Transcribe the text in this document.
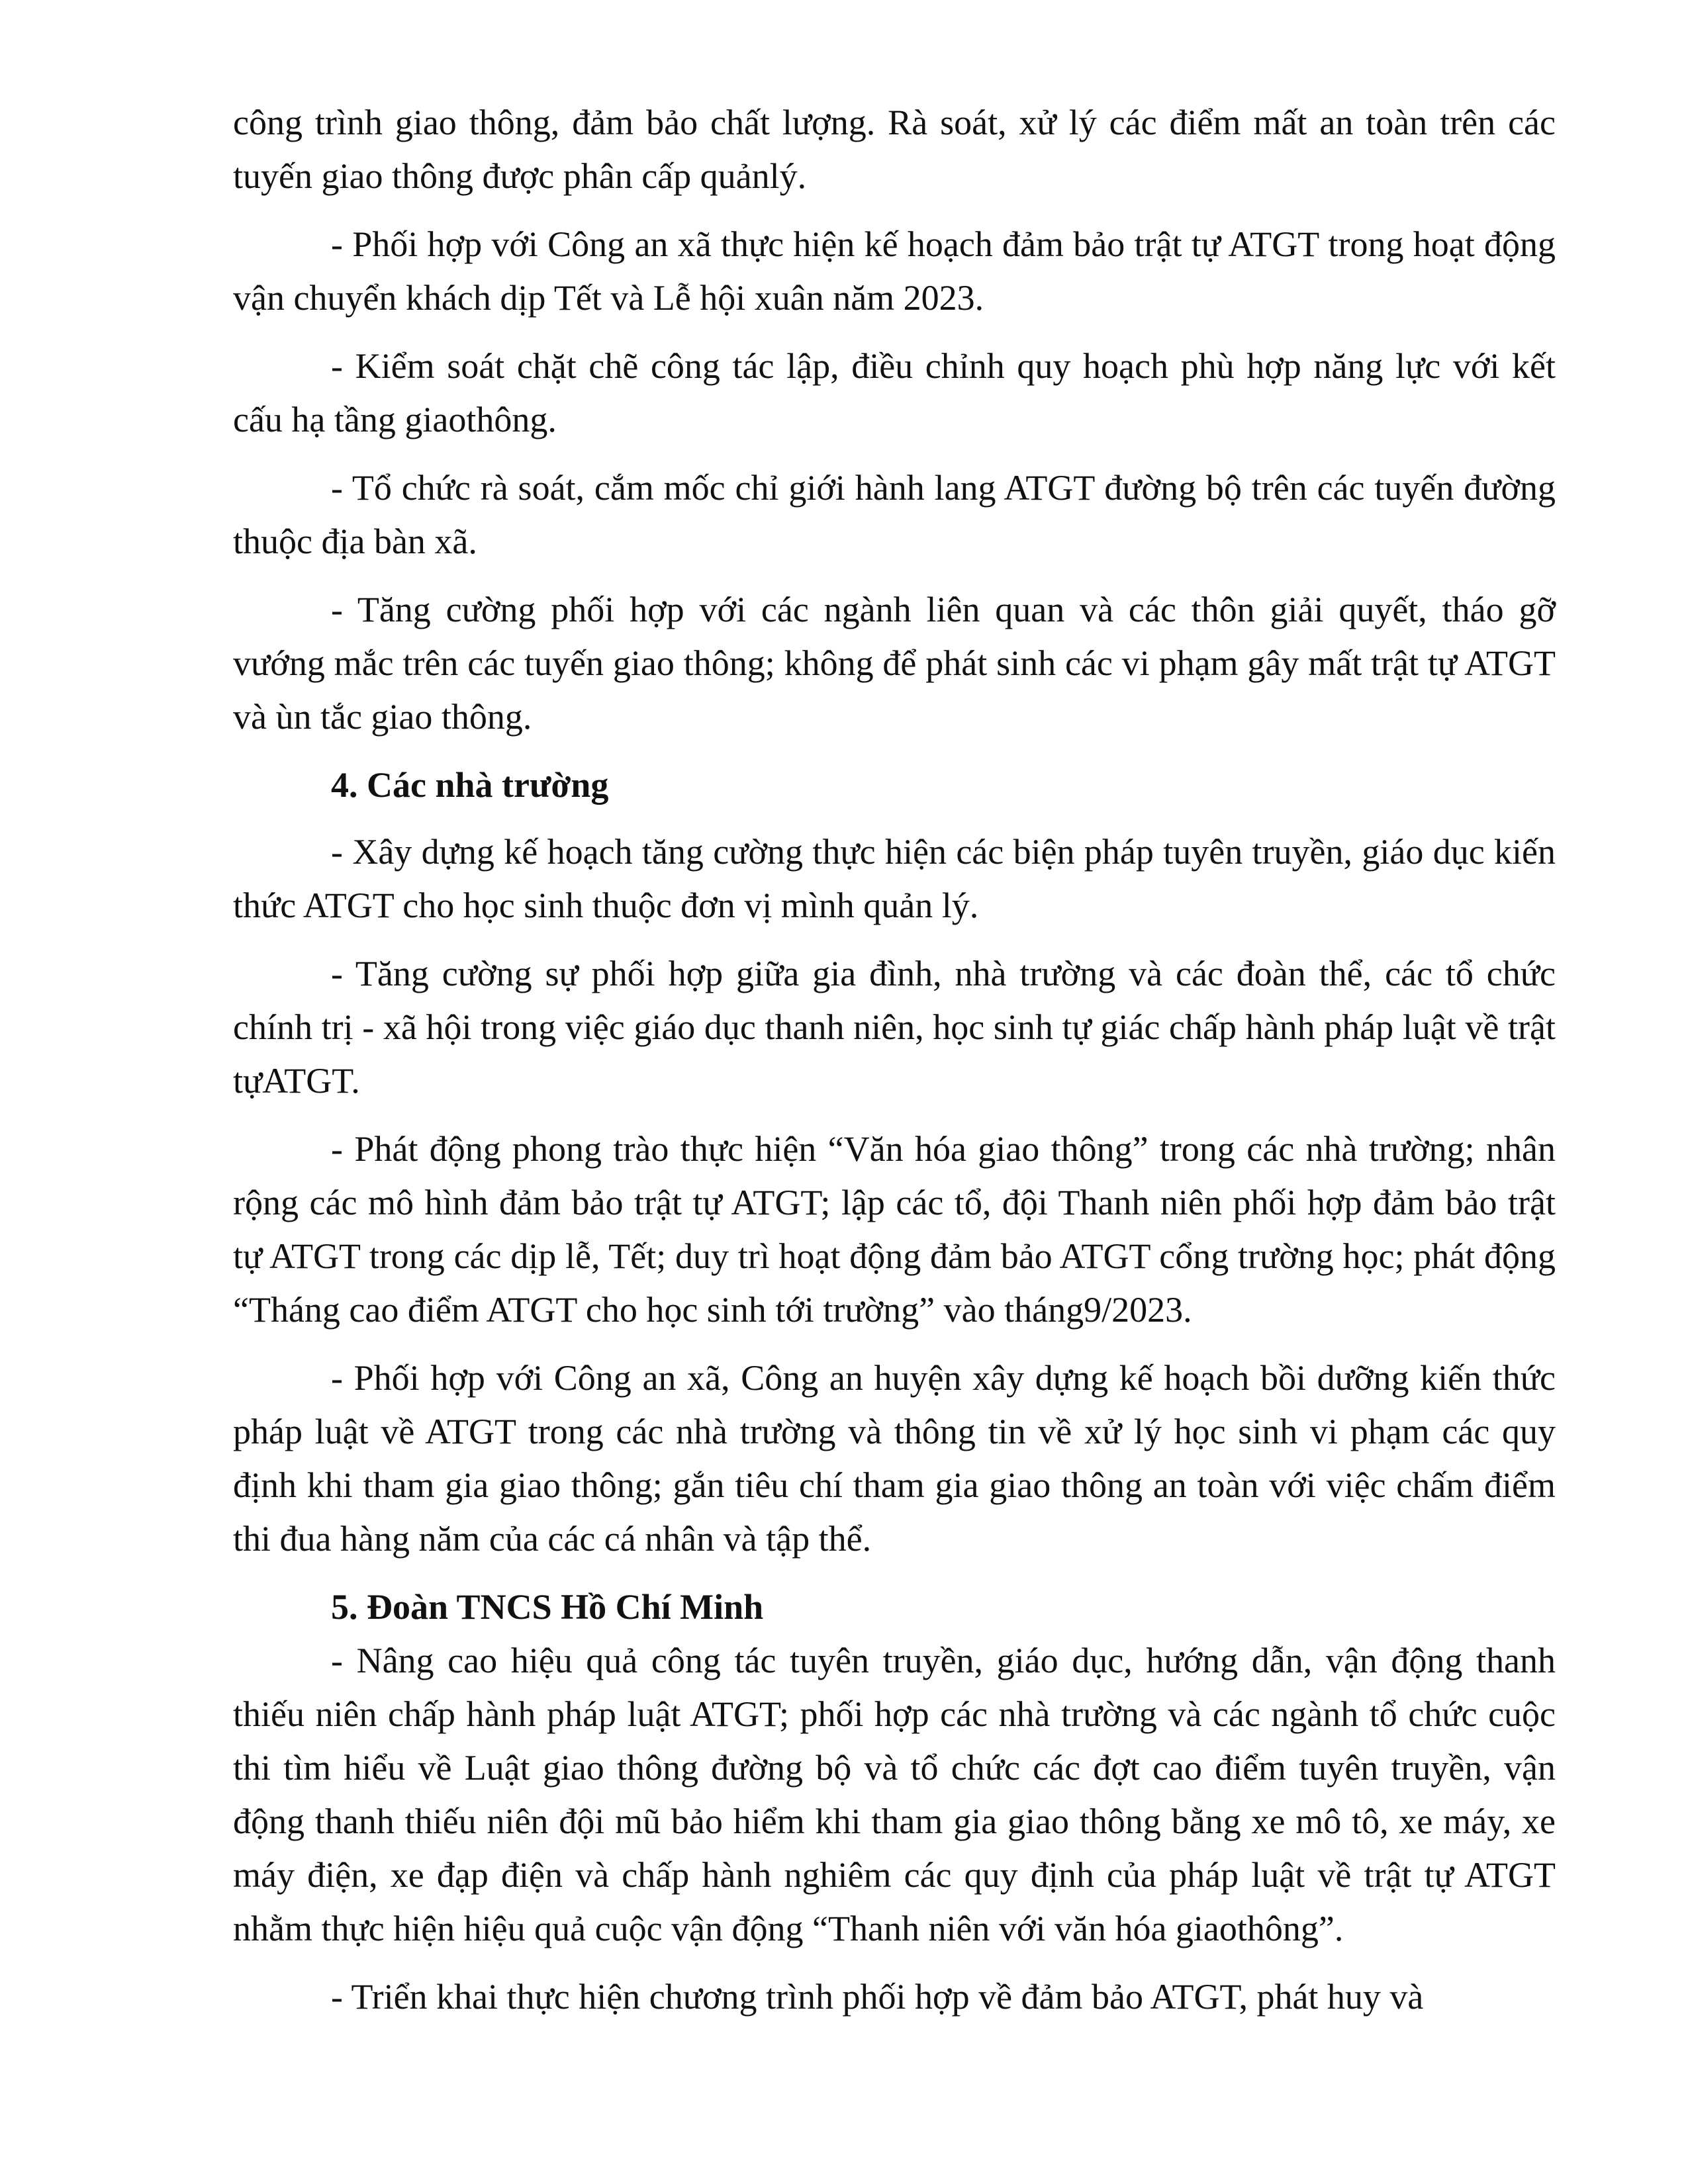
công trình giao thông, đảm bảo chất lượng. Rà soát, xử lý các điểm mất an toàn trên các tuyến giao thông được phân cấp quảnlý.

- Phối hợp với Công an xã thực hiện kế hoạch đảm bảo trật tự ATGT trong hoạt động vận chuyển khách dịp Tết và Lễ hội xuân năm 2023.

- Kiểm soát chặt chẽ công tác lập, điều chỉnh quy hoạch phù hợp năng lực với kết cấu hạ tầng giaothông.

- Tổ chức rà soát, cắm mốc chỉ giới hành lang ATGT đường bộ trên các tuyến đường thuộc địa bàn xã.

- Tăng cường phối hợp với các ngành liên quan và các thôn giải quyết, tháo gỡ vướng mắc trên các tuyến giao thông; không để phát sinh các vi phạm gây mất trật tự ATGT và ùn tắc giao thông.

4. Các nhà trường

- Xây dựng kế hoạch tăng cường thực hiện các biện pháp tuyên truyền, giáo dục kiến thức ATGT cho học sinh thuộc đơn vị mình quản lý.

- Tăng cường sự phối hợp giữa gia đình, nhà trường và các đoàn thể, các tổ chức chính trị - xã hội trong việc giáo dục thanh niên, học sinh tự giác chấp hành pháp luật về trật tựATGT.

- Phát động phong trào thực hiện “Văn hóa giao thông” trong các nhà trường; nhân rộng các mô hình đảm bảo trật tự ATGT; lập các tổ, đội Thanh niên phối hợp đảm bảo trật tự ATGT trong các dịp lễ, Tết; duy trì hoạt động đảm bảo ATGT cổng trường học; phát động “Tháng cao điểm ATGT cho học sinh tới trường” vào tháng9/2023.

- Phối hợp với Công an xã, Công an huyện xây dựng kế hoạch bồi dưỡng kiến thức pháp luật về ATGT trong các nhà trường và thông tin về xử lý học sinh vi phạm các quy định khi tham gia giao thông; gắn tiêu chí tham gia giao thông an toàn với việc chấm điểm thi đua hàng năm của các cá nhân và tập thể.

5. Đoàn TNCS Hồ Chí Minh

- Nâng cao hiệu quả công tác tuyên truyền, giáo dục, hướng dẫn, vận động thanh thiếu niên chấp hành pháp luật ATGT; phối hợp các nhà trường và các ngành tổ chức cuộc thi tìm hiểu về Luật giao thông đường bộ và tổ chức các đợt cao điểm tuyên truyền, vận động thanh thiếu niên đội mũ bảo hiểm khi tham gia giao thông bằng xe mô tô, xe máy, xe máy điện, xe đạp điện và chấp hành nghiêm các quy định của pháp luật về trật tự ATGT nhằm thực hiện hiệu quả cuộc vận động “Thanh niên với văn hóa giaothông”.

- Triển khai thực hiện chương trình phối hợp về đảm bảo ATGT, phát huy và
